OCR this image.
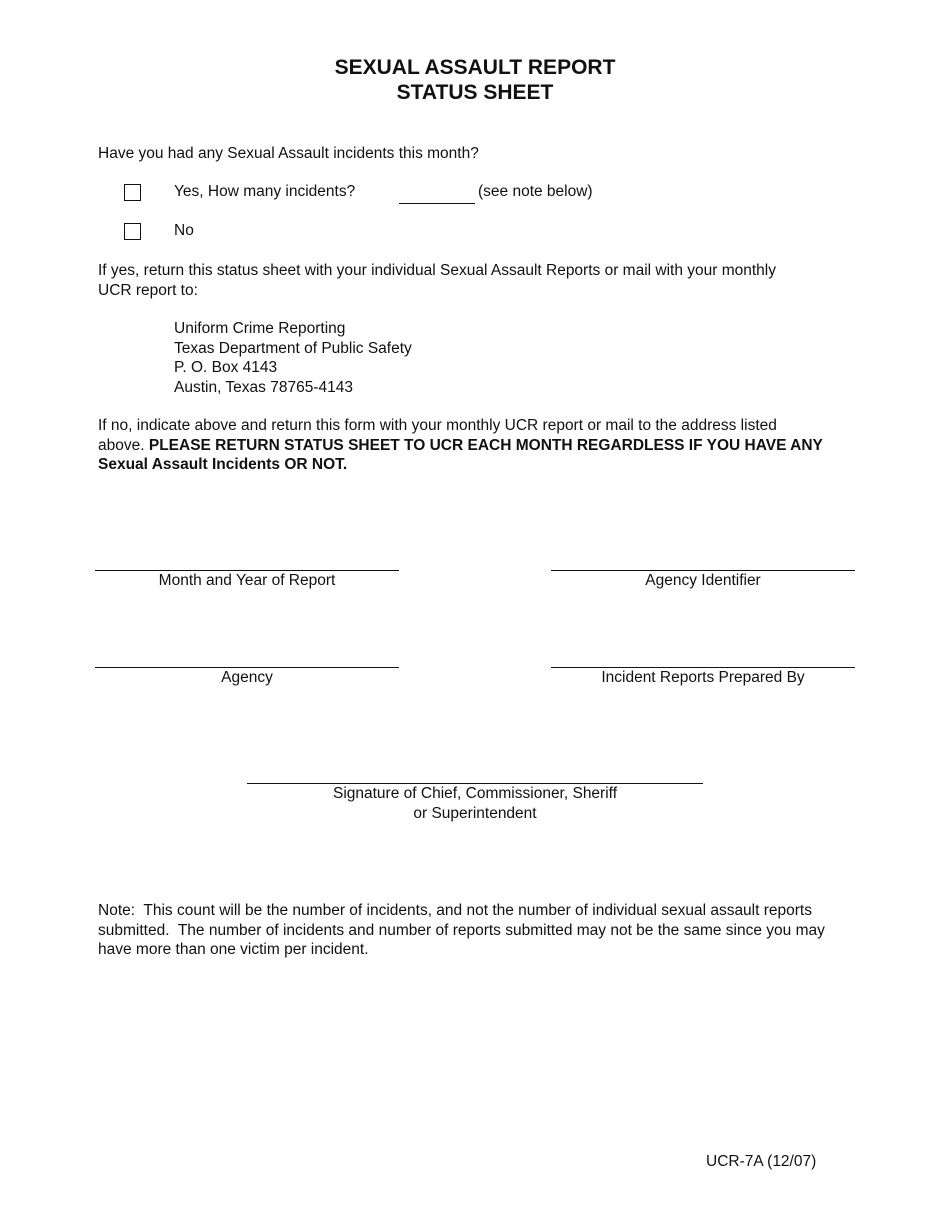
SEXUAL ASSAULT REPORT
STATUS SHEET
Have you had any Sexual Assault incidents this month?
Yes, How many incidents?	(see note below)
No
If yes, return this status sheet with your individual Sexual Assault Reports or mail with your monthly
UCR report to:
Uniform Crime Reporting
Texas Department of Public Safety
P. O. Box 4143
Austin, Texas 78765-4143
If no, indicate above and return this form with your monthly UCR report or mail to the address listed
above. PLEASE RETURN STATUS SHEET TO UCR EACH MONTH REGARDLESS IF YOU HAVE ANY
Sexual Assault Incidents OR NOT.
Month and Year of Report	Agency Identifier
Agency	Incident Reports Prepared By
Signature of Chief, Commissioner, Sheriff
or Superintendent
Note:  This count will be the number of incidents, and not the number of individual sexual assault reports
submitted.  The number of incidents and number of reports submitted may not be the same since you may
have more than one victim per incident.
UCR-7A (12/07)
